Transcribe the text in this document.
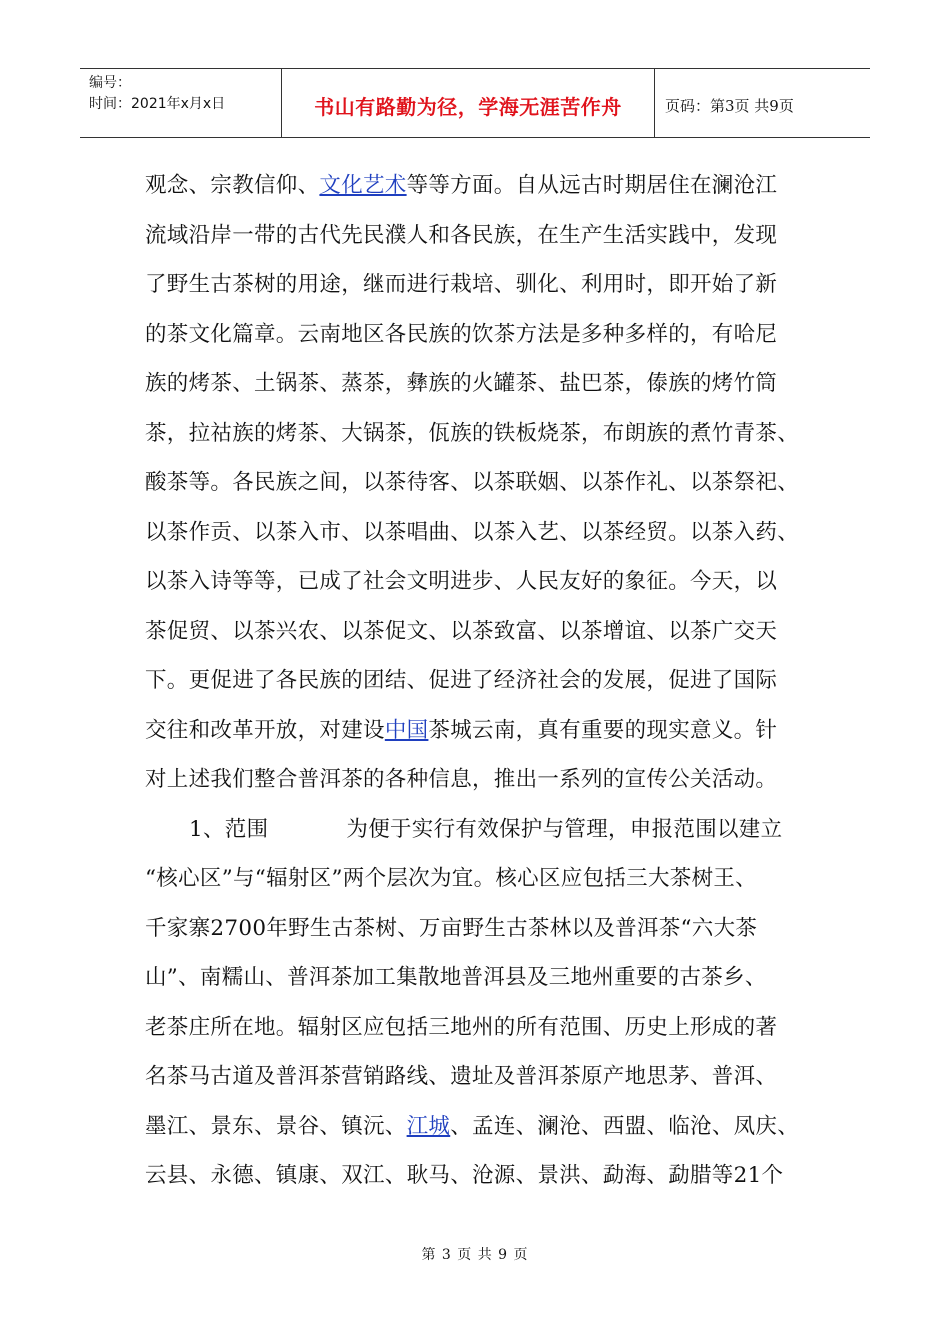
编号：
时间：2021年x月x日	书山有路勤为径，学海无涯苦作舟	页码：第3页 共9页
观念、宗教信仰、文化艺术等等方面。自从远古时期居住在澜沧江
流域沿岸一带的古代先民濮人和各民族，在生产生活实践中，发现
了野生古茶树的用途，继而进行栽培、驯化、利用时，即开始了新
的茶文化篇章。云南地区各民族的饮茶方法是多种多样的，有哈尼
族的烤茶、土锅茶、蒸茶，彝族的火罐茶、盐巴茶，傣族的烤竹筒
茶，拉祜族的烤茶、大锅茶，佤族的铁板烧茶，布朗族的煮竹青茶、
酸茶等。各民族之间，以茶待客、以茶联姻、以茶作礼、以茶祭祀、
以茶作贡、以茶入市、以茶唱曲、以茶入艺、以茶经贸。以茶入药、
以茶入诗等等，已成了社会文明进步、人民友好的象征。今天，以
茶促贸、以茶兴农、以茶促文、以茶致富、以茶增谊、以茶广交天
下。更促进了各民族的团结、促进了经济社会的发展，促进了国际
交往和改革开放，对建设中国茶城云南，真有重要的现实意义。针
对上述我们整合普洱茶的各种信息，推出一系列的宣传公关活动。
1、范围	为便于实行有效保护与管理，申报范围以建立
“核心区”与“辐射区”两个层次为宜。核心区应包括三大茶树王、
千家寨2700年野生古茶树、万亩野生古茶林以及普洱茶“六大茶
山”、南糯山、普洱茶加工集散地普洱县及三地州重要的古茶乡、
老茶庄所在地。辐射区应包括三地州的所有范围、历史上形成的著
名茶马古道及普洱茶营销路线、遗址及普洱茶原产地思茅、普洱、
墨江、景东、景谷、镇沅、江城、孟连、澜沧、西盟、临沧、凤庆、
云县、永德、镇康、双江、耿马、沧源、景洪、勐海、勐腊等21个
第 3 页 共 9 页
